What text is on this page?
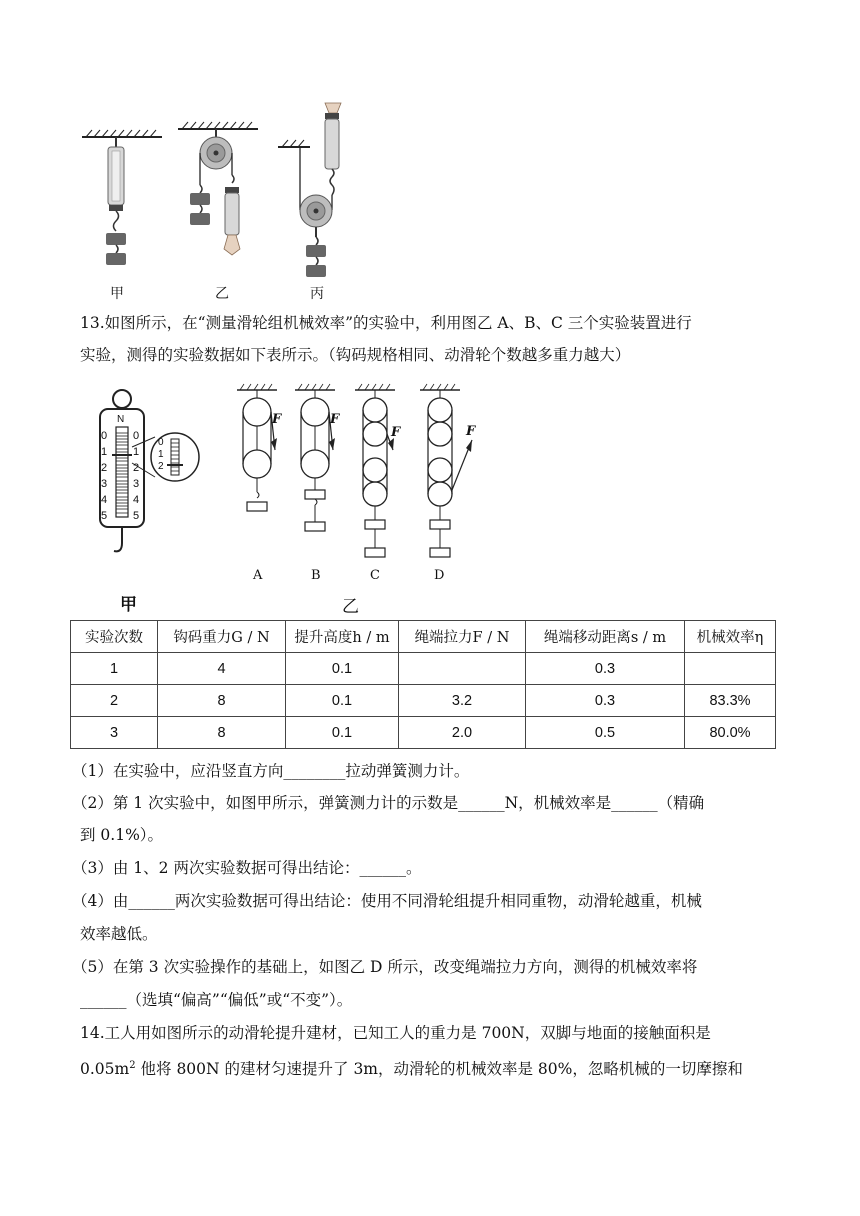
甲	乙	丙
13.如图所示，在“测量滑轮组机械效率”的实验中，利用图乙 A、B、C 三个实验装置进行
实验，测得的实验数据如下表所示。（钩码规格相同、动滑轮个数越多重力越大）
N
0
1
2
3
4
5
0
1
2
3
4
5
0
1
2
甲
F	F
F	F
A	B	C	D
乙
实验次数	钩码重力G / N	提升高度h / m	绳端拉力F / N	绳端移动距离s / m	机械效率η
1	4	0.1		0.3	
2	8	0.1	3.2	0.3	83.3%
3	8	0.1	2.0	0.5	80.0%
（1）在实验中，应沿竖直方向________拉动弹簧测力计。
（2）第 1 次实验中，如图甲所示，弹簧测力计的示数是______N，机械效率是______（精确
到 0.1%）。
（3）由 1、2 两次实验数据可得出结论：______。
（4）由______两次实验数据可得出结论：使用不同滑轮组提升相同重物，动滑轮越重，机械
效率越低。
（5）在第 3 次实验操作的基础上，如图乙 D 所示，改变绳端拉力方向，测得的机械效率将
______（选填“偏高”“偏低”或“不变”）。
14.工人用如图所示的动滑轮提升建材，已知工人的重力是 700N，双脚与地面的接触面积是
$0.05m^2$ 他将 800N 的建材匀速提升了 3m，动滑轮的机械效率是 80%，忽略机械的一切摩擦和
